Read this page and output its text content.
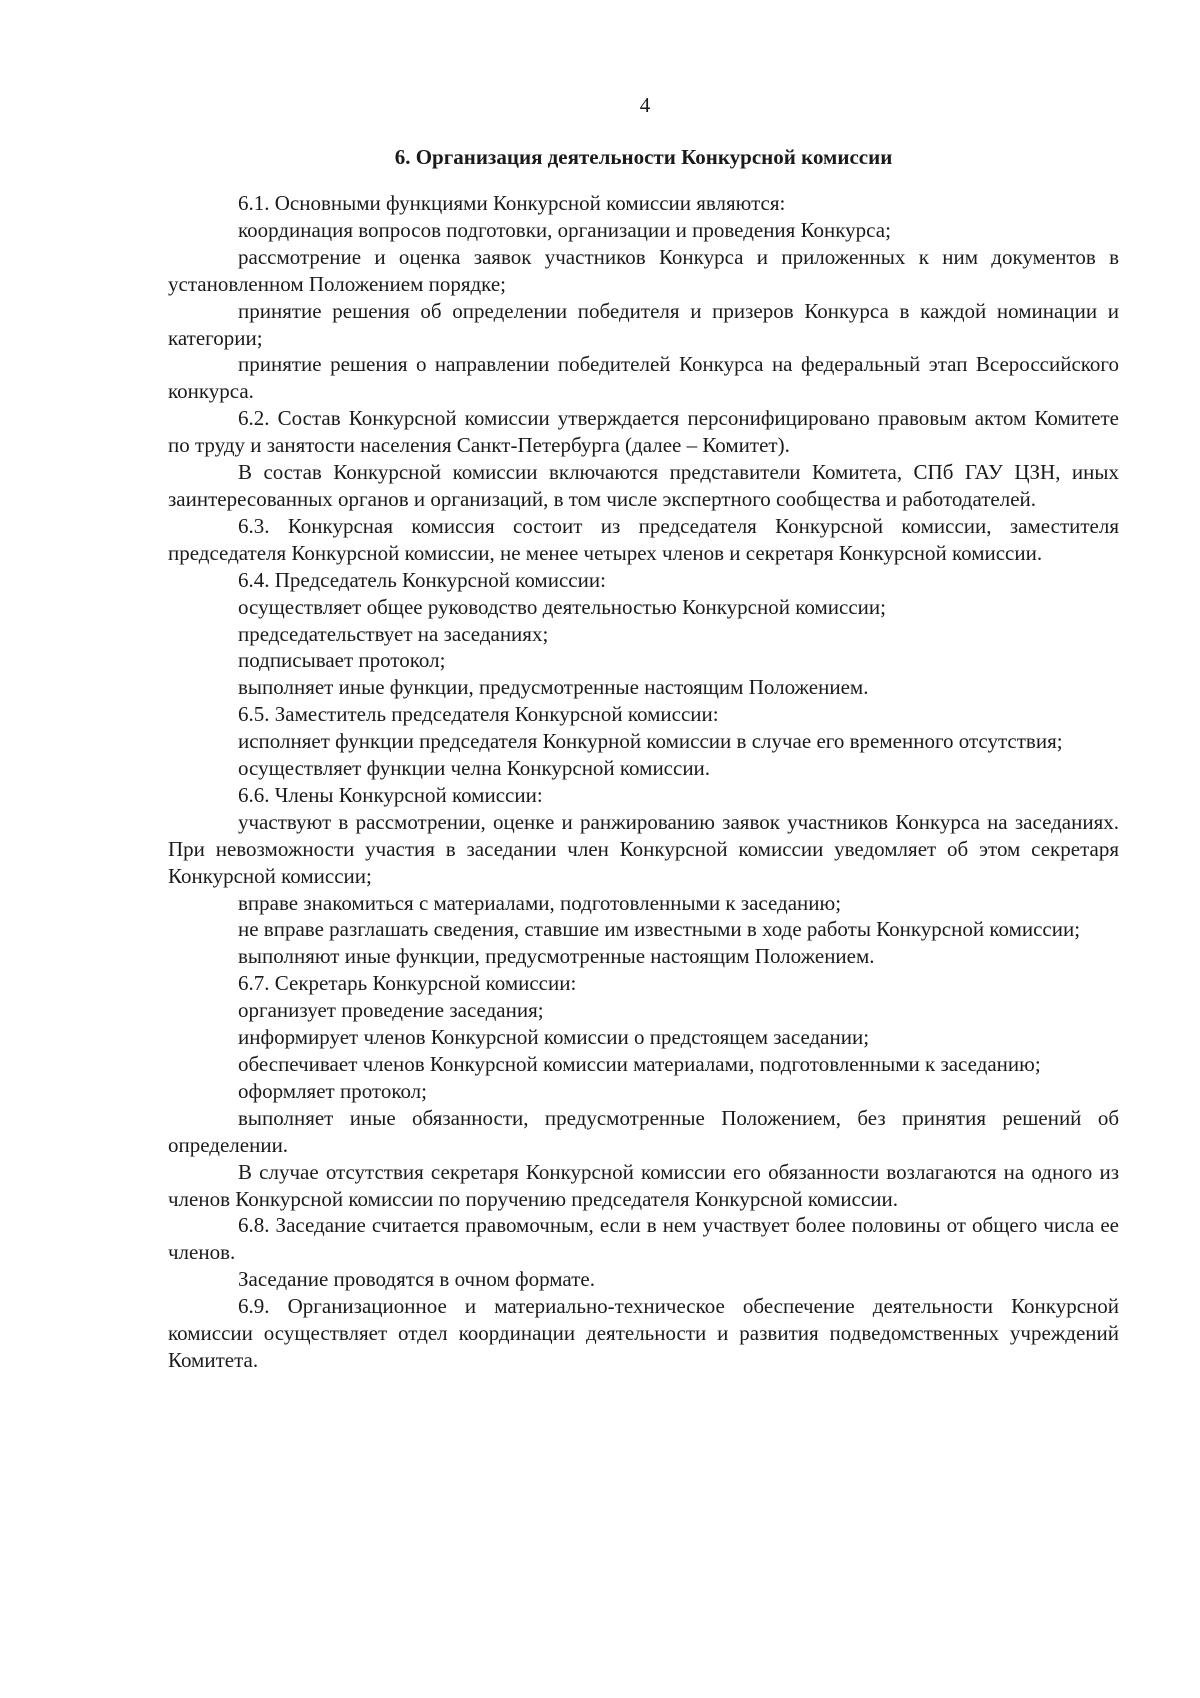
4
6. Организация деятельности Конкурсной комиссии

6.1. Основными функциями Конкурсной комиссии являются:

координация вопросов подготовки, организации и проведения Конкурса;

рассмотрение и оценка заявок участников Конкурса и приложенных к ним документов в установленном Положением порядке;

принятие решения об определении победителя и призеров Конкурса в каждой номинации и категории;

принятие решения о направлении победителей Конкурса на федеральный этап Всероссийского конкурса.

6.2. Состав Конкурсной комиссии утверждается персонифицировано правовым актом Комитете по труду и занятости населения Санкт-Петербурга (далее – Комитет).

В состав Конкурсной комиссии включаются представители Комитета, СПб ГАУ ЦЗН, иных заинтересованных органов и организаций, в том числе экспертного сообщества и работодателей.

6.3. Конкурсная комиссия состоит из председателя Конкурсной комиссии, заместителя председателя Конкурсной комиссии, не менее четырех членов и секретаря Конкурсной комиссии.

6.4. Председатель Конкурсной комиссии:

осуществляет общее руководство деятельностью Конкурсной комиссии;

председательствует на заседаниях;

подписывает протокол;

выполняет иные функции, предусмотренные настоящим Положением.

6.5. Заместитель председателя Конкурсной комиссии:

исполняет функции председателя Конкурной комиссии в случае его временного отсутствия;

осуществляет функции челна Конкурсной комиссии.

6.6. Члены Конкурсной комиссии:

участвуют в рассмотрении, оценке и ранжированию заявок участников Конкурса на заседаниях. При невозможности участия в заседании член Конкурсной комиссии уведомляет об этом секретаря Конкурсной комиссии;

вправе знакомиться с материалами, подготовленными к заседанию;

не вправе разглашать сведения, ставшие им известными в ходе работы Конкурсной комиссии;

выполняют иные функции, предусмотренные настоящим Положением.

6.7. Секретарь Конкурсной комиссии:

организует проведение заседания;

информирует членов Конкурсной комиссии о предстоящем заседании;

обеспечивает членов Конкурсной комиссии материалами, подготовленными к заседанию;

оформляет протокол;

выполняет иные обязанности, предусмотренные Положением, без принятия решений об определении.

В случае отсутствия секретаря Конкурсной комиссии его обязанности возлагаются на одного из членов Конкурсной комиссии по поручению председателя Конкурсной комиссии.

6.8. Заседание считается правомочным, если в нем участвует более половины от общего числа ее членов.

Заседание проводятся в очном формате.

6.9. Организационное и материально-техническое обеспечение деятельности Конкурсной комиссии осуществляет отдел координации деятельности и развития подведомственных учреждений Комитета.
